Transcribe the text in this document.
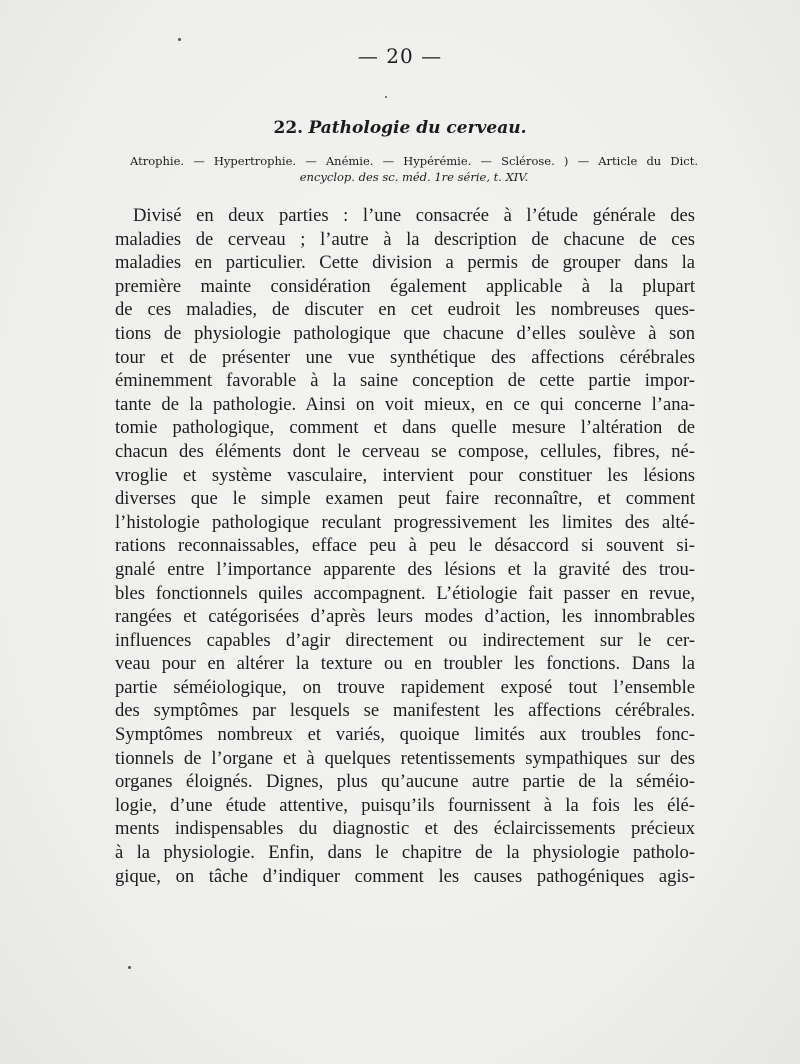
— 20 —
22. Pathologie du cerveau.
Atrophie. — Hypertrophie. — Anémie. — Hypérémie. — Sclérose. ) — Article du Dict.
encyclop. des sc. méd. 1re série, t. XIV.
Divisé en deux parties : l’une consacrée à l’étude générale des
maladies de cerveau ; l’autre à la description de chacune de ces
maladies en particulier. Cette division a permis de grouper dans la
première mainte considération également applicable à la plupart
de ces maladies, de discuter en cet eudroit les nombreuses ques-
tions de physiologie pathologique que chacune d’elles soulève à son
tour et de présenter une vue synthétique des affections cérébrales
éminemment favorable à la saine conception de cette partie impor-
tante de la pathologie. Ainsi on voit mieux, en ce qui concerne l’ana-
tomie pathologique, comment et dans quelle mesure l’altération de
chacun des éléments dont le cerveau se compose, cellules, fibres, né-
vroglie et système vasculaire, intervient pour constituer les lésions
diverses que le simple examen peut faire reconnaître, et comment
l’histologie pathologique reculant progressivement les limites des alté-
rations reconnaissables, efface peu à peu le désaccord si souvent si-
gnalé entre l’importance apparente des lésions et la gravité des trou-
bles fonctionnels quiles accompagnent. L’étiologie fait passer en revue,
rangées et catégorisées d’après leurs modes d’action, les innombrables
influences capables d’agir directement ou indirectement sur le cer-
veau pour en altérer la texture ou en troubler les fonctions. Dans la
partie séméiologique, on trouve rapidement exposé tout l’ensemble
des symptômes par lesquels se manifestent les affections cérébrales.
Symptômes nombreux et variés, quoique limités aux troubles fonc-
tionnels de l’organe et à quelques retentissements sympathiques sur des
organes éloignés. Dignes, plus qu’aucune autre partie de la séméio-
logie, d’une étude attentive, puisqu’ils fournissent à la fois les élé-
ments indispensables du diagnostic et des éclaircissements précieux
à la physiologie. Enfin, dans le chapitre de la physiologie patholo-
gique, on tâche d’indiquer comment les causes pathogéniques agis-
